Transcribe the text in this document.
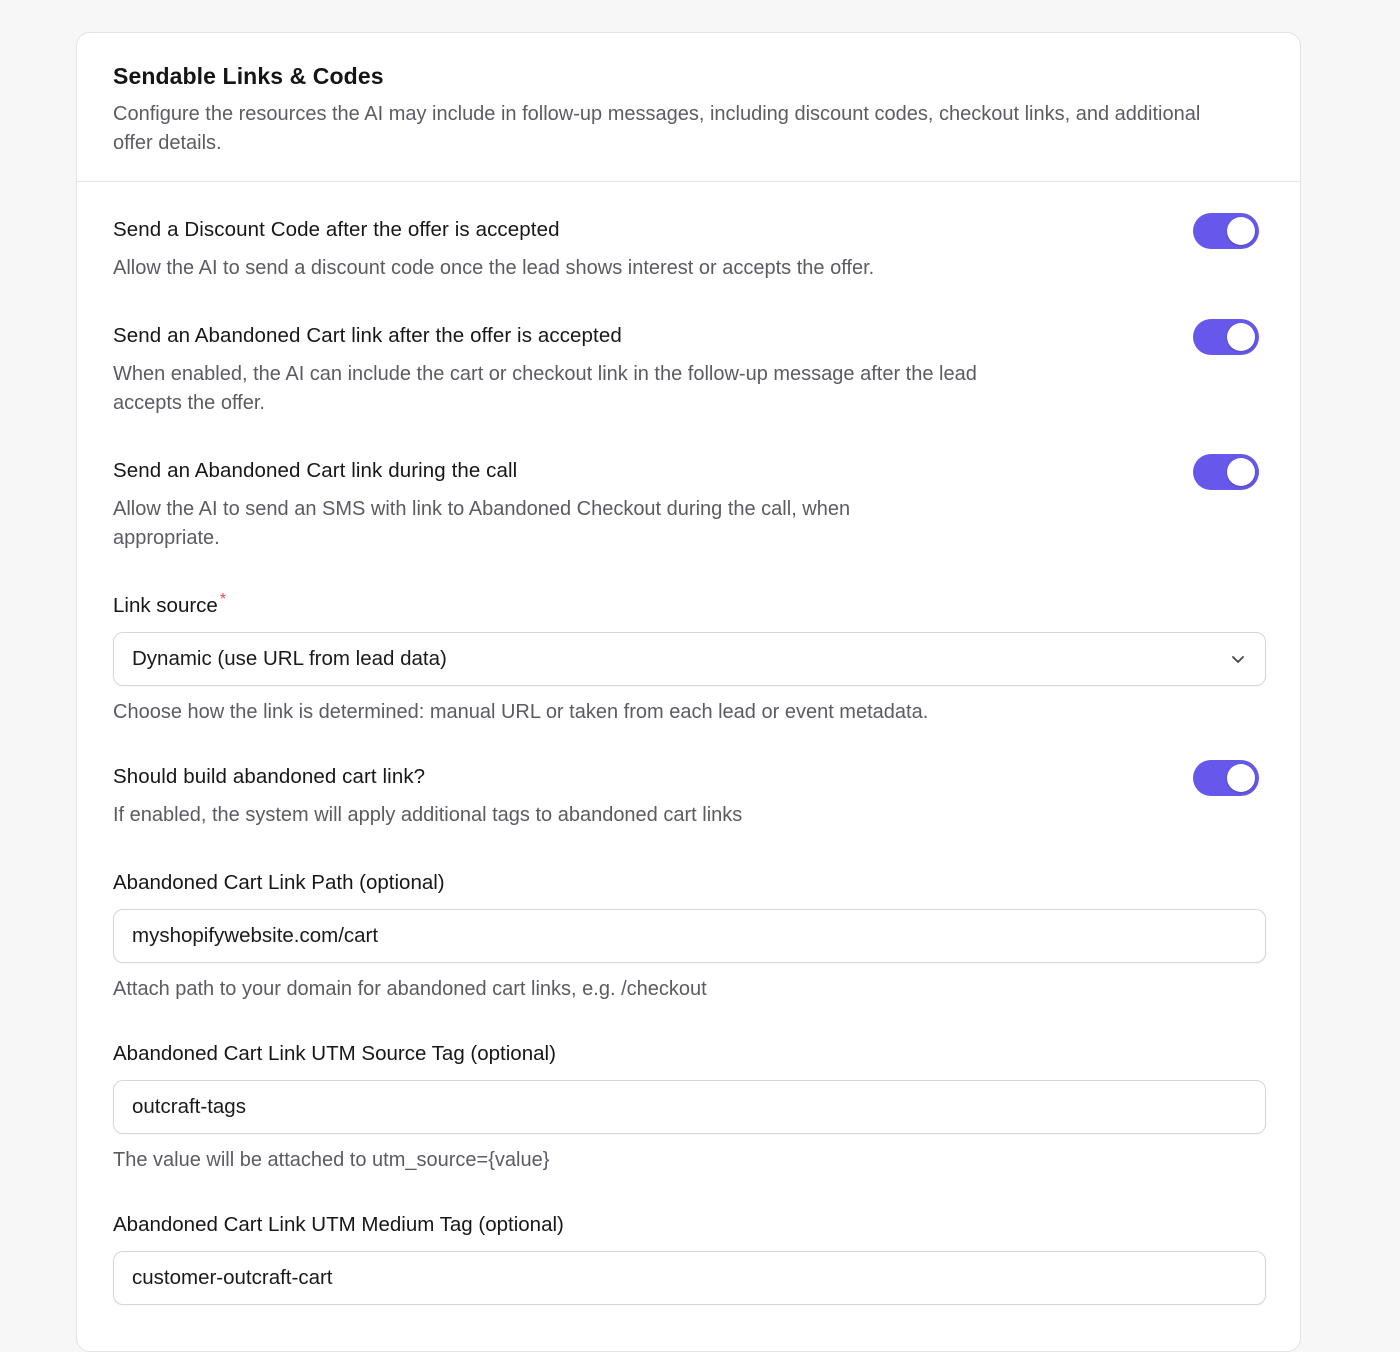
Sendable Links & Codes
Configure the resources the AI may include in follow-up messages, including discount codes, checkout links, and additional offer details.
Send a Discount Code after the offer is accepted
Allow the AI to send a discount code once the lead shows interest or accepts the offer.
Send an Abandoned Cart link after the offer is accepted
When enabled, the AI can include the cart or checkout link in the follow-up message after the lead accepts the offer.
Send an Abandoned Cart link during the call
Allow the AI to send an SMS with link to Abandoned Checkout during the call, when appropriate.
Link source *
Dynamic (use URL from lead data)
Choose how the link is determined: manual URL or taken from each lead or event metadata.
Should build abandoned cart link?
If enabled, the system will apply additional tags to abandoned cart links
Abandoned Cart Link Path (optional)
myshopifywebsite.com/cart
Attach path to your domain for abandoned cart links, e.g. /checkout
Abandoned Cart Link UTM Source Tag (optional)
outcraft-tags
The value will be attached to utm_source={value}
Abandoned Cart Link UTM Medium Tag (optional)
customer-outcraft-cart
